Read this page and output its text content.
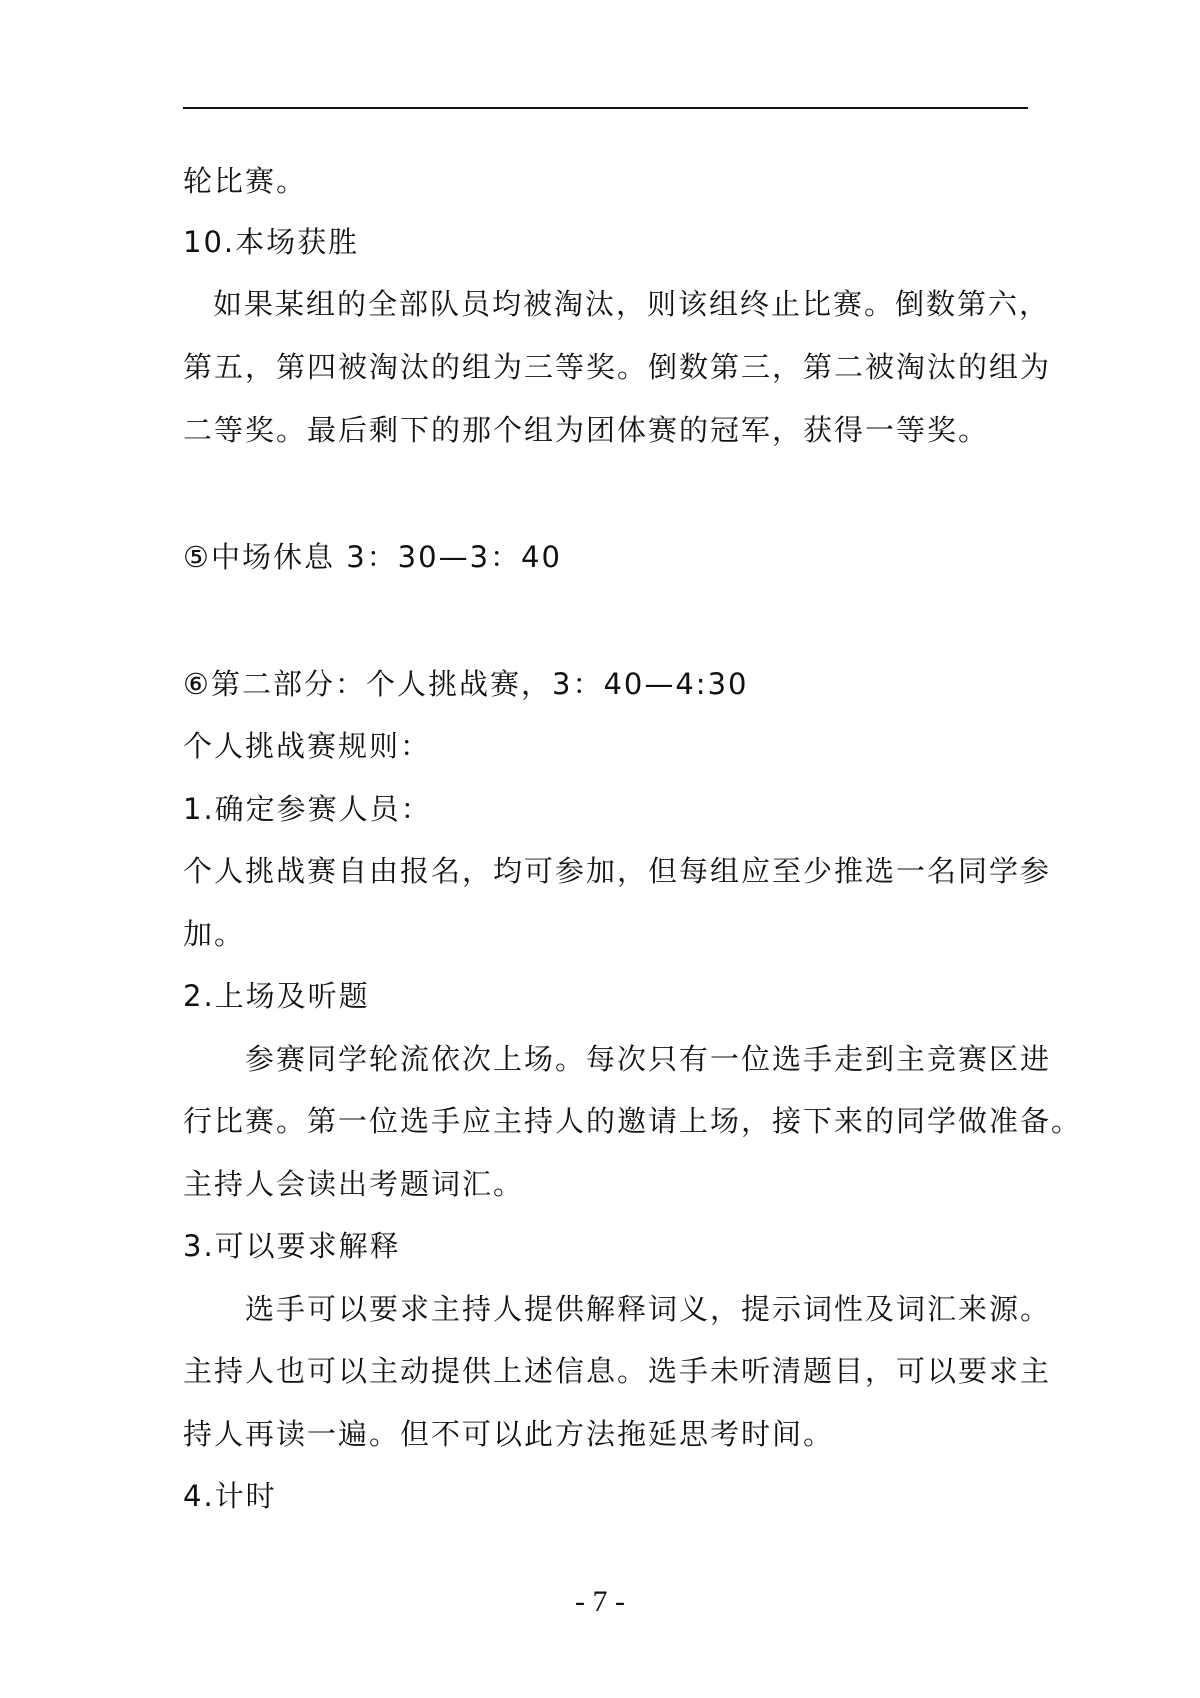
轮比赛。
10.本场获胜
如果某组的全部队员均被淘汰，则该组终止比赛。倒数第六，
第五，第四被淘汰的组为三等奖。倒数第三，第二被淘汰的组为
二等奖。最后剩下的那个组为团体赛的冠军，获得一等奖。
⑤中场休息 3：30—3：40
⑥第二部分：个人挑战赛，3：40—4:30
个人挑战赛规则：
1.确定参赛人员：
个人挑战赛自由报名，均可参加，但每组应至少推选一名同学参
加。
2.上场及听题
参赛同学轮流依次上场。每次只有一位选手走到主竞赛区进
行比赛。第一位选手应主持人的邀请上场，接下来的同学做准备。
主持人会读出考题词汇。
3.可以要求解释
选手可以要求主持人提供解释词义，提示词性及词汇来源。
主持人也可以主动提供上述信息。选手未听清题目，可以要求主
持人再读一遍。但不可以此方法拖延思考时间。
4.计时
- 7 -
